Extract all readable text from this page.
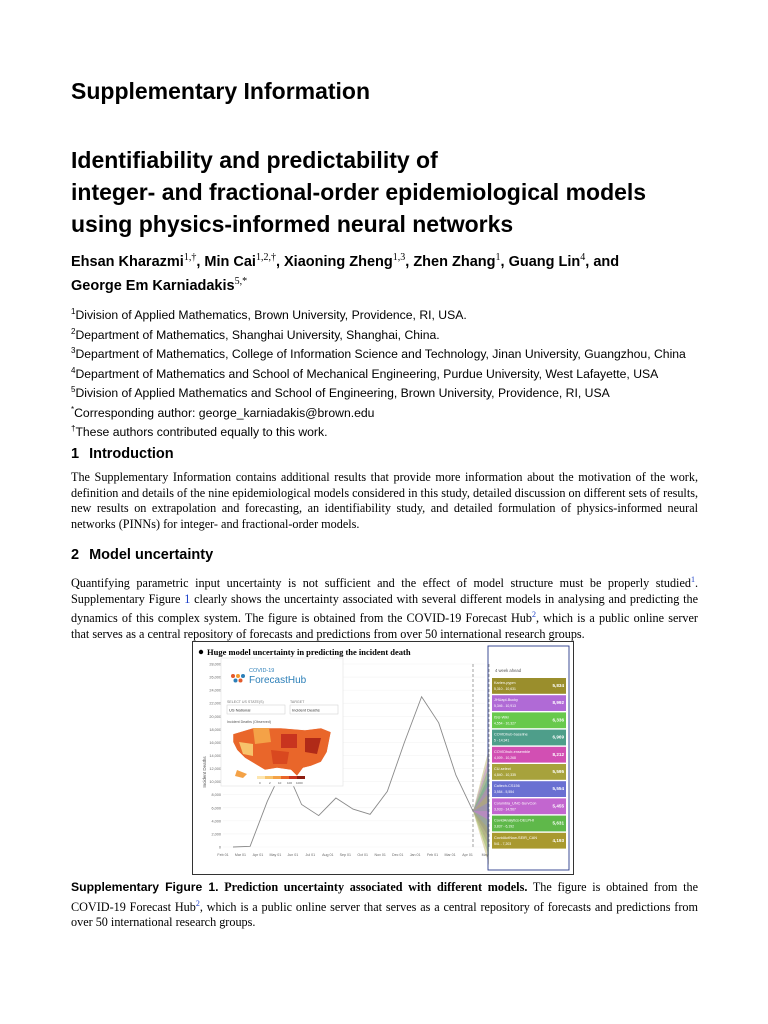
Supplementary Information
Identifiability and predictability of
integer- and fractional-order epidemiological models
using physics-informed neural networks
Ehsan Kharazmi$^{1,\dagger}$, Min Cai$^{1,2,\dagger}$, Xiaoning Zheng$^{1,3}$, Zhen Zhang$^1$, Guang Lin$^4$, and
George Em Karniadakis$^{5,*}$
$^1$Division of Applied Mathematics, Brown University, Providence, RI, USA.
$^2$Department of Mathematics, Shanghai University, Shanghai, China.
$^3$Department of Mathematics, College of Information Science and Technology, Jinan University, Guangzhou, China
$^4$Department of Mathematics and School of Mechanical Engineering, Purdue University, West Lafayette, USA
$^5$Division of Applied Mathematics and School of Engineering, Brown University, Providence, RI, USA
*Corresponding author: george_karniadakis@brown.edu
†These authors contributed equally to this work.
1 Introduction
The Supplementary Information contains additional results that provide more information about the motivation of the work, definition and details of the nine epidemiological models considered in this study, detailed discussion on different sets of results, new results on extrapolation and forecasting, an identifiability study, and detailed formulation of physics-informed neural networks (PINNs) for integer- and fractional-order models.
2 Model uncertainty
Quantifying parametric input uncertainty is not sufficient and the effect of model structure must be properly studied$^1$. Supplementary Figure 1 clearly shows the uncertainty associated with several different models in analysing and predicting the dynamics of this complex system. The figure is obtained from the COVID-19 Forecast Hub$^2$, which is a public online server that serves as a central repository of forecasts and predictions from over 50 international research groups.
Huge model uncertainty in predicting the incident death
Incident Deaths
28,000
26,000
24,000
22,000
20,000
18,000
16,000
14,000
12,000
10,000
8,000
6,000
4,000
2,000
0
Feb 01 Mar 01 Apr 01 May 01 Jun 01 Jul 01 Aug 01 Sep 01 Oct 01 Nov 01 Dec 01 Jan 01 Feb 01 Mar 01 Apr 01 May
COVID-19
ForecastHub
SELECT US STATE(S)
US National
TARGET
Incident Deaths
Incident Deaths (Observed)
0	2 10 100 1000
4 week ahead
Karlen-pypm
5,310 - 10,631
5,834
JHUapl-Bucky
5,346 - 10,913
8,992
ISU-Wiki
4,554 - 10,327
6,336
COVIDhub-baseline
5 - 14,941
6,969
COVIDhub-ensemble
4,009 - 10,268
8,212
CU-select
4,840 - 10,335
5,595
Caltech-CS156
3,554 - 5,554
5,554
Columbia_UNC-SurvCon
3,933 - 14,567
5,455
CovidAnalytics-DELPHI
3,837 - 6,192
5,631
CovidActNow-SEIR_CAN
541 - 7,203
4,193
Supplementary Figure 1. Prediction uncertainty associated with different models. The figure is obtained from the COVID-19 Forecast Hub$^2$, which is a public online server that serves as a central repository of forecasts and predictions from over 50 international research groups.
